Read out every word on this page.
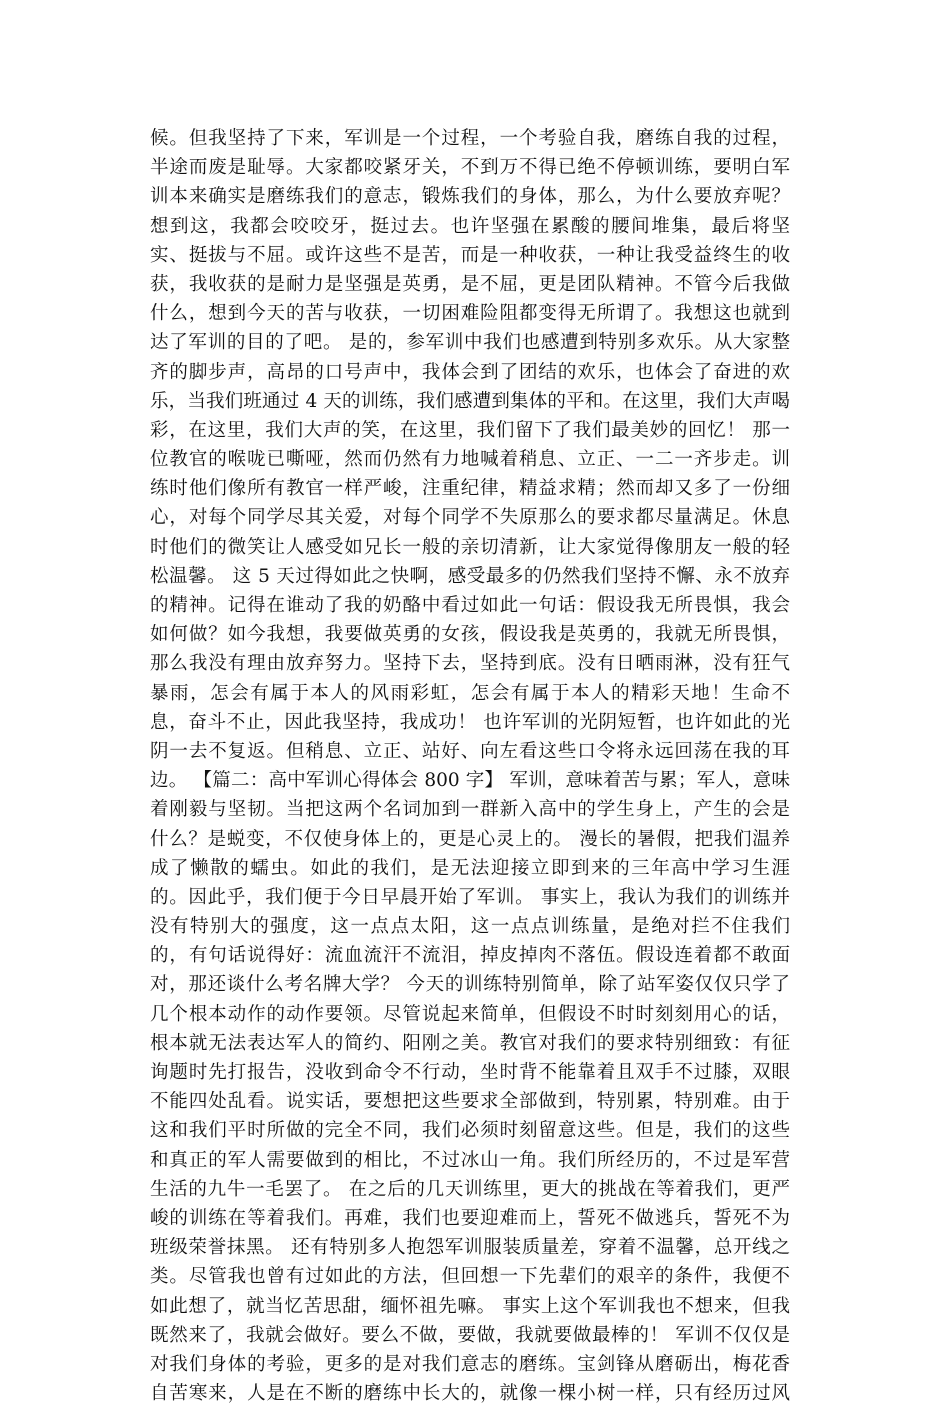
候。但我坚持了下来，军训是一个过程，一个考验自我，磨练自我的过程，
半途而废是耻辱。大家都咬紧牙关，不到万不得已绝不停顿训练，要明白军
训本来确实是磨练我们的意志，锻炼我们的身体，那么，为什么要放弃呢？
想到这，我都会咬咬牙，挺过去。也许坚强在累酸的腰间堆集，最后将坚
实、挺拔与不屈。或许这些不是苦，而是一种收获，一种让我受益终生的收
获，我收获的是耐力是坚强是英勇，是不屈，更是团队精神。不管今后我做
什么，想到今天的苦与收获，一切困难险阻都变得无所谓了。我想这也就到
达了军训的目的了吧。 是的，参军训中我们也感遭到特别多欢乐。从大家整
齐的脚步声，高昂的口号声中，我体会到了团结的欢乐，也体会了奋进的欢
乐，当我们班通过 4 天的训练，我们感遭到集体的平和。在这里，我们大声喝
彩，在这里，我们大声的笑，在这里，我们留下了我们最美妙的回忆！ 那一
位教官的喉咙已嘶哑，然而仍然有力地喊着稍息、立正、一二一齐步走。训
练时他们像所有教官一样严峻，注重纪律，精益求精；然而却又多了一份细
心，对每个同学尽其关爱，对每个同学不失原那么的要求都尽量满足。休息
时他们的微笑让人感受如兄长一般的亲切清新，让大家觉得像朋友一般的轻
松温馨。 这 5 天过得如此之快啊，感受最多的仍然我们坚持不懈、永不放弃
的精神。记得在谁动了我的奶酪中看过如此一句话：假设我无所畏惧，我会
如何做？如今我想，我要做英勇的女孩，假设我是英勇的，我就无所畏惧，
那么我没有理由放弃努力。坚持下去，坚持到底。没有日晒雨淋，没有狂气
暴雨，怎会有属于本人的风雨彩虹，怎会有属于本人的精彩天地！生命不
息，奋斗不止，因此我坚持，我成功！ 也许军训的光阴短暂，也许如此的光
阴一去不复返。但稍息、立正、站好、向左看这些口令将永远回荡在我的耳
边。 【篇二：高中军训心得体会 800 字】 军训，意味着苦与累；军人，意味
着刚毅与坚韧。当把这两个名词加到一群新入高中的学生身上，产生的会是
什么？是蜕变，不仅使身体上的，更是心灵上的。 漫长的暑假，把我们温养
成了懒散的蠕虫。如此的我们，是无法迎接立即到来的三年高中学习生涯
的。因此乎，我们便于今日早晨开始了军训。 事实上，我认为我们的训练并
没有特别大的强度，这一点点太阳，这一点点训练量，是绝对拦不住我们
的，有句话说得好：流血流汗不流泪，掉皮掉肉不落伍。假设连着都不敢面
对，那还谈什么考名牌大学？ 今天的训练特别简单，除了站军姿仅仅只学了
几个根本动作的动作要领。尽管说起来简单，但假设不时时刻刻用心的话，
根本就无法表达军人的简约、阳刚之美。教官对我们的要求特别细致：有征
询题时先打报告，没收到命令不行动，坐时背不能靠着且双手不过膝，双眼
不能四处乱看。说实话，要想把这些要求全部做到，特别累，特别难。由于
这和我们平时所做的完全不同，我们必须时刻留意这些。但是，我们的这些
和真正的军人需要做到的相比，不过冰山一角。我们所经历的，不过是军营
生活的九牛一毛罢了。 在之后的几天训练里，更大的挑战在等着我们，更严
峻的训练在等着我们。再难，我们也要迎难而上，誓死不做逃兵，誓死不为
班级荣誉抹黑。 还有特别多人抱怨军训服装质量差，穿着不温馨，总开线之
类。尽管我也曾有过如此的方法，但回想一下先辈们的艰辛的条件，我便不
如此想了，就当忆苦思甜，缅怀祖先嘛。 事实上这个军训我也不想来，但我
既然来了，我就会做好。要么不做，要做，我就要做最棒的！ 军训不仅仅是
对我们身体的考验，更多的是对我们意志的磨练。宝剑锋从磨砺出，梅花香
自苦寒来，人是在不断的磨练中长大的，就像一棵小树一样，只有经历过风
